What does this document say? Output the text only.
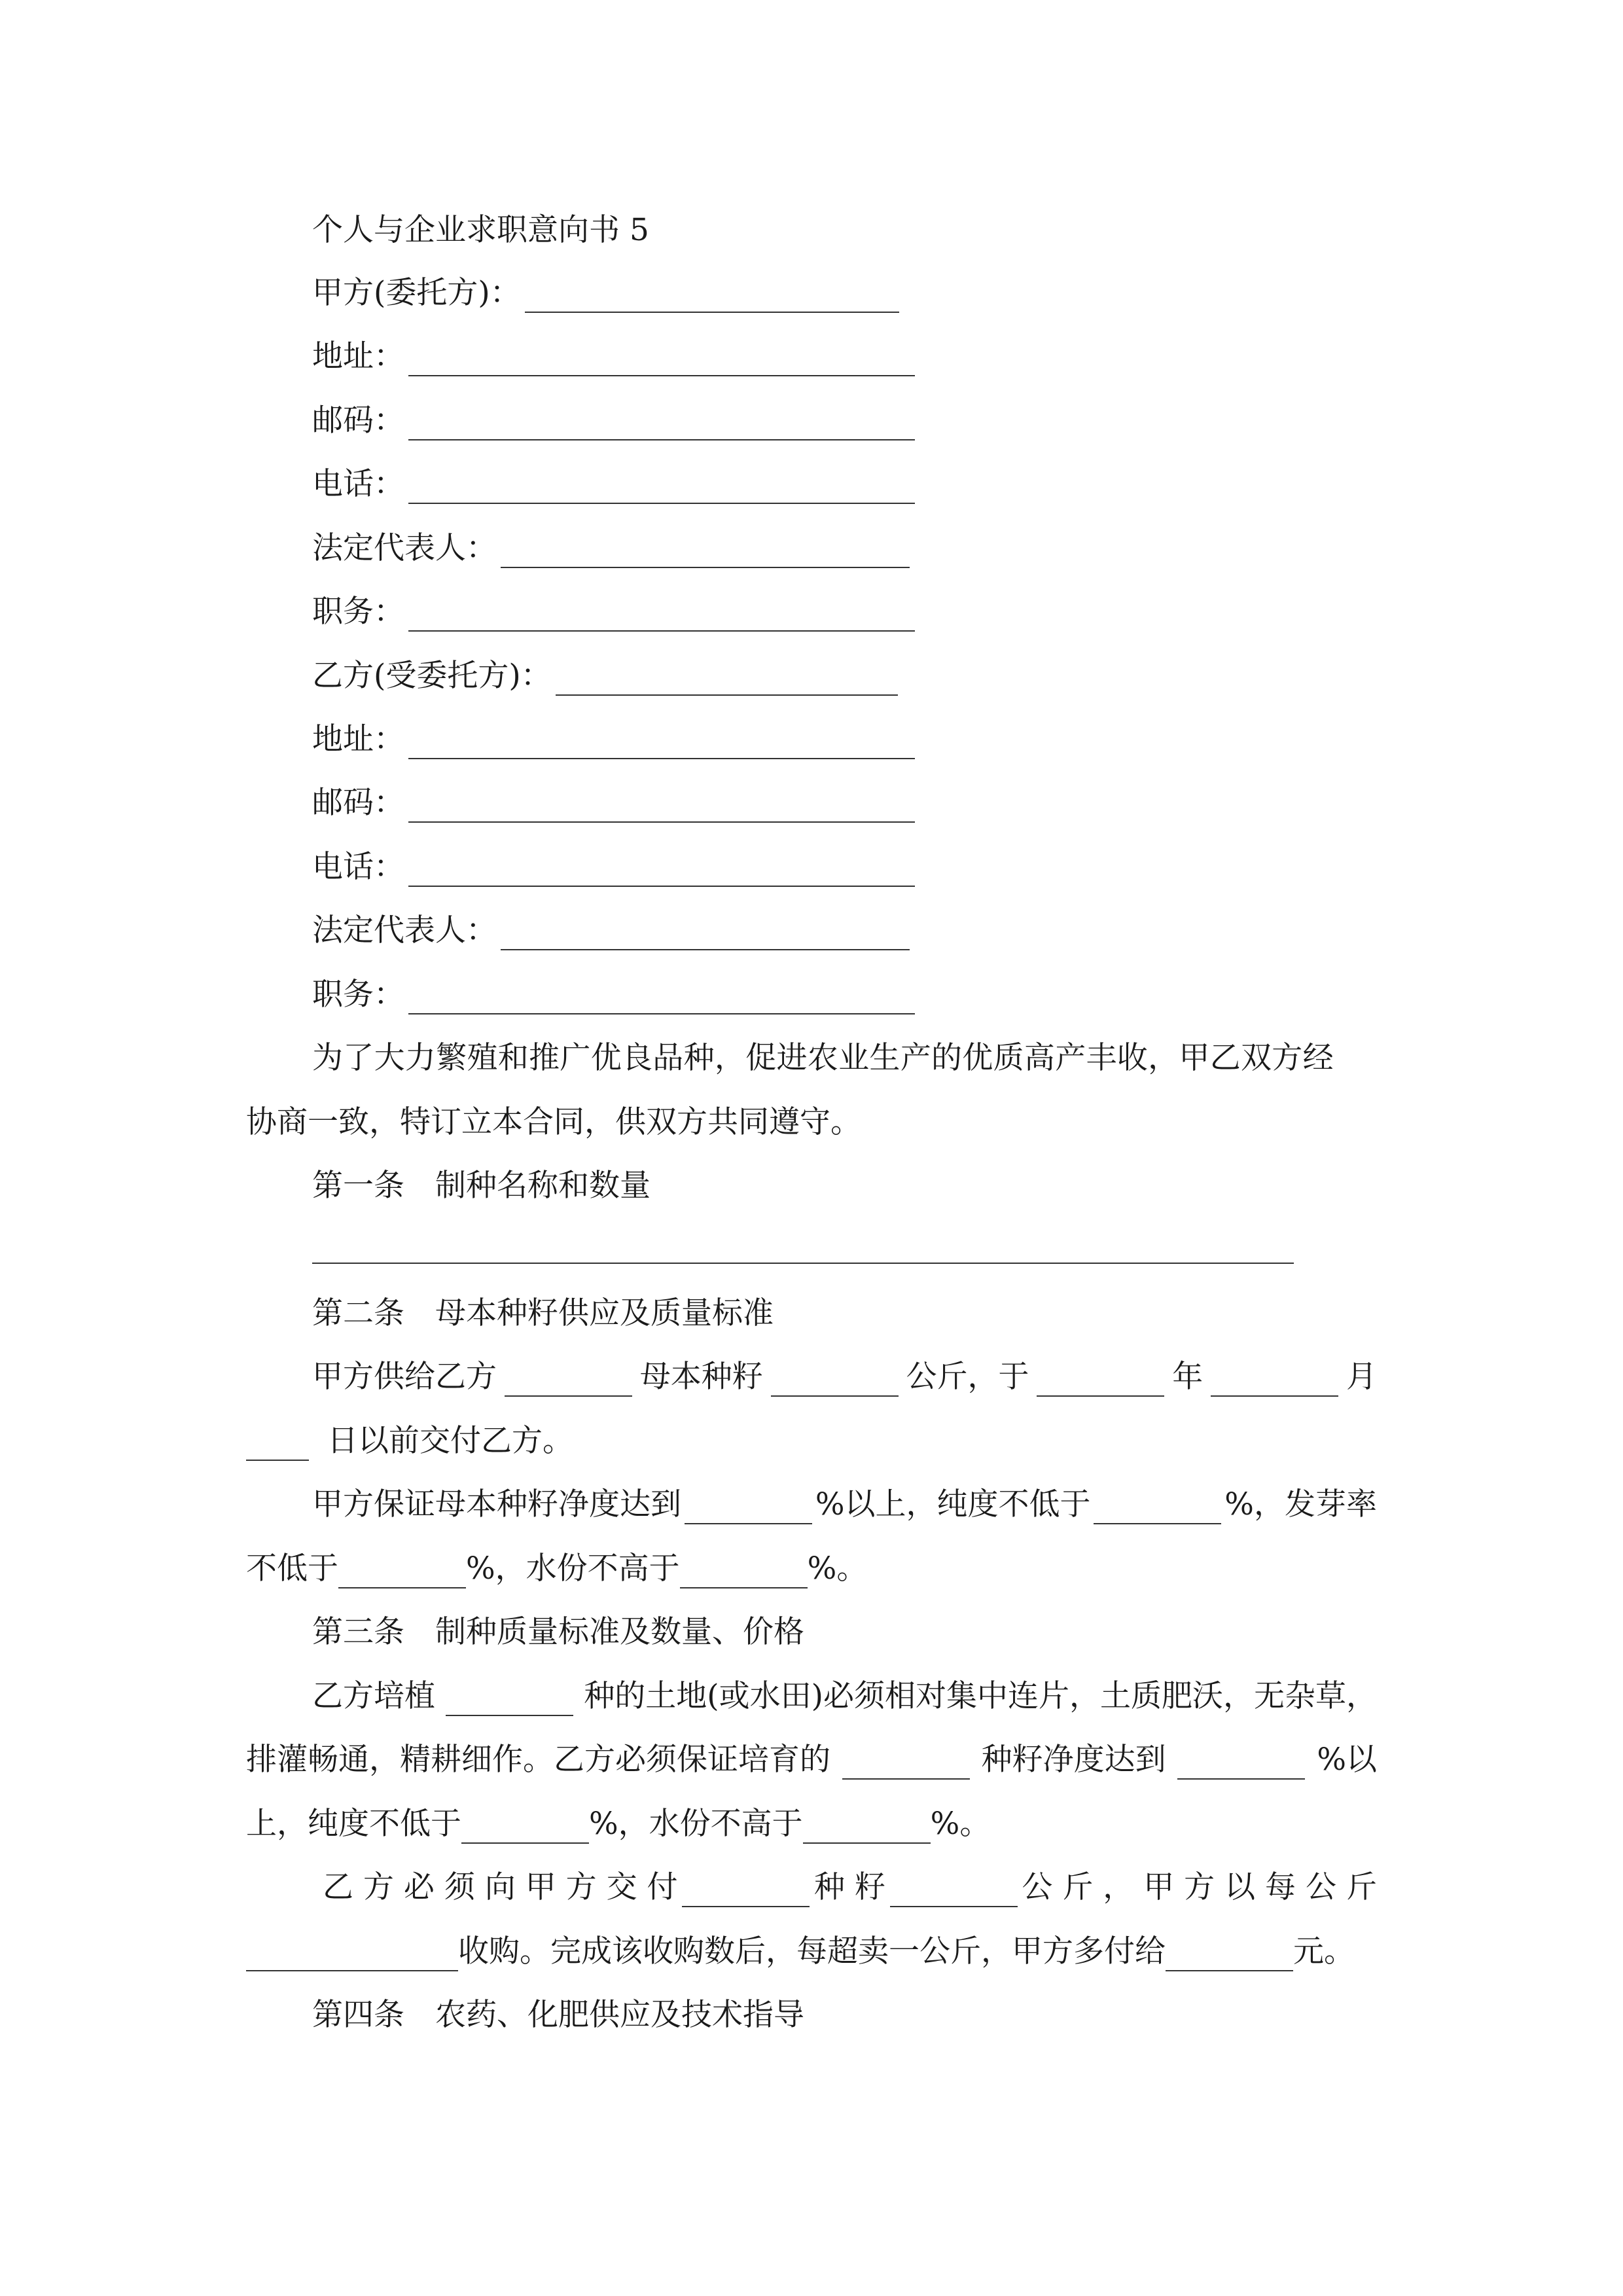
个人与企业求职意向书 5
甲方(委托方)：
地址：
邮码：
电话：
法定代表人：
职务：
乙方(受委托方)：
地址：
邮码：
电话：
法定代表人：
职务：
为了大力繁殖和推广优良品种，促进农业生产的优质高产丰收，甲乙双方经
协商一致，特订立本合同，供双方共同遵守。
第一条　制种名称和数量
第二条　母本种籽供应及质量标准
甲方供给乙方	母本种籽	公斤，于	年	月
日以前交付乙方。
甲方保证母本种籽净度达到	%以上，纯度不低于	%，发芽率
不低于	%，水份不高于	%。
第三条　制种质量标准及数量、价格
乙方培植	种的土地(或水田)必须相对集中连片，土质肥沃，无杂草，
排灌畅通，精耕细作。乙方必须保证培育的	种籽净度达到	%以
上，纯度不低于	%，水份不高于	%。
乙 方 必 须 向 甲 方 交 付	种 籽	公 斤 ， 甲 方 以 每 公 斤
收购。完成该收购数后，每超卖一公斤，甲方多付给	元。
第四条　农药、化肥供应及技术指导
